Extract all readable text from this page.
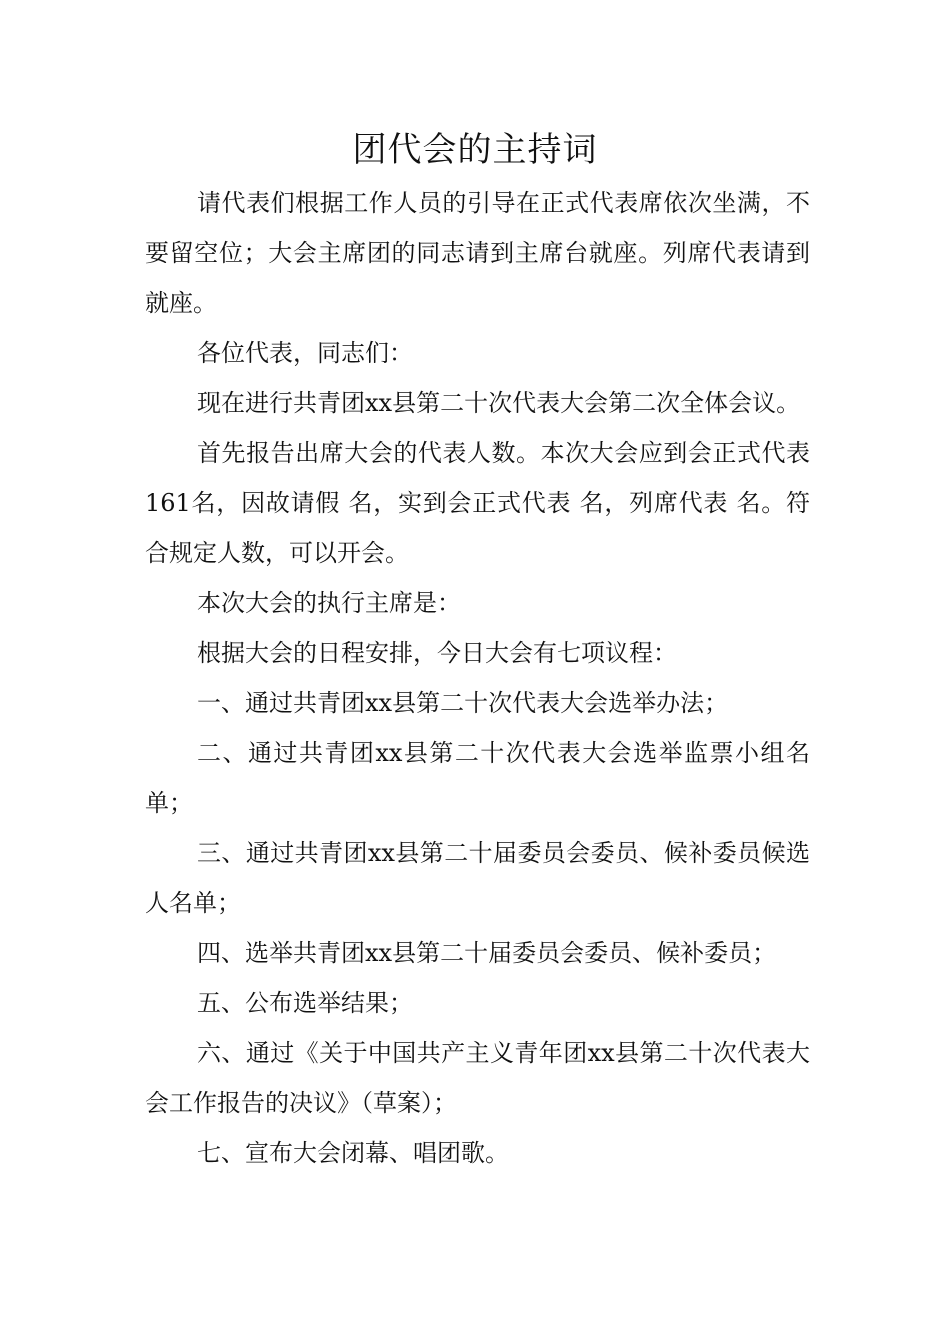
团代会的主持词

请代表们根据工作人员的引导在正式代表席依次坐满，不要留空位；大会主席团的同志请到主席台就座。列席代表请到 就座。

各位代表，同志们：

现在进行共青团xx县第二十次代表大会第二次全体会议。

首先报告出席大会的代表人数。本次大会应到会正式代表161名，因故请假 名，实到会正式代表 名，列席代表 名。符合规定人数，可以开会。

本次大会的执行主席是：

根据大会的日程安排，今日大会有七项议程：

一、通过共青团xx县第二十次代表大会选举办法；

二、通过共青团xx县第二十次代表大会选举监票小组名单；

三、通过共青团xx县第二十届委员会委员、候补委员候选人名单；

四、选举共青团xx县第二十届委员会委员、候补委员；

五、公布选举结果；

六、通过《关于中国共产主义青年团xx县第二十次代表大会工作报告的决议》（草案）；

七、宣布大会闭幕、唱团歌。
